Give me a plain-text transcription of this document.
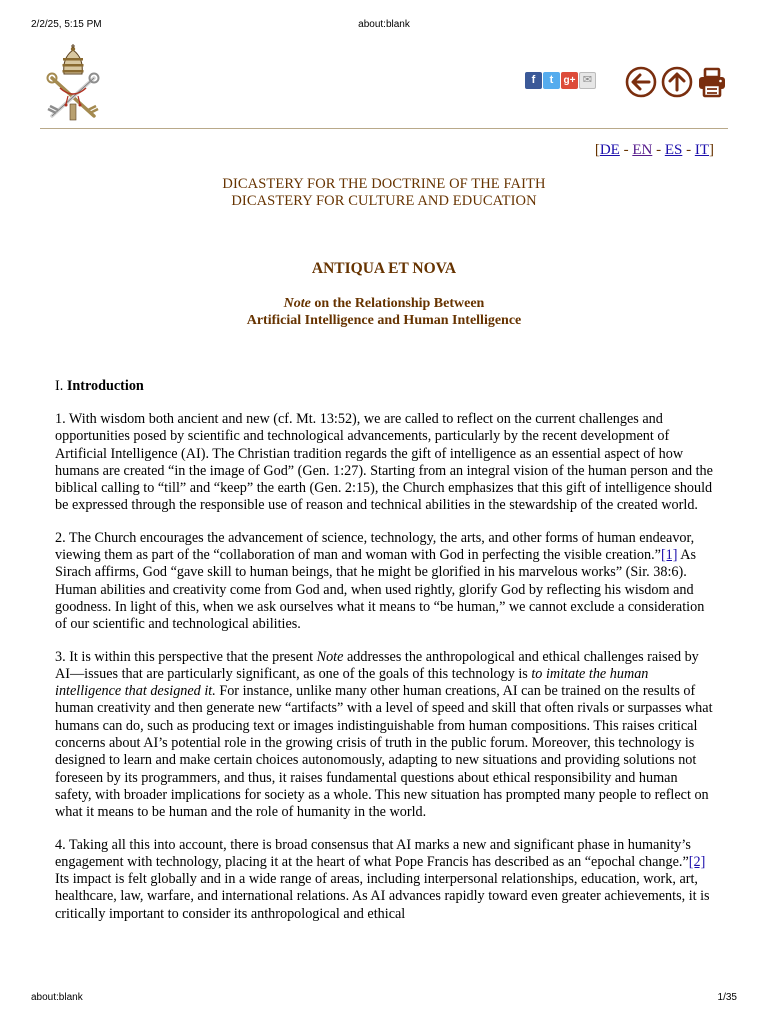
2/2/25, 5:15 PM	about:blank
f	t	g+ ✉
[DE - EN - ES - IT]
DICASTERY FOR THE DOCTRINE OF THE FAITH
DICASTERY FOR CULTURE AND EDUCATION
ANTIQUA ET NOVA
Note on the Relationship Between
Artificial Intelligence and Human Intelligence
I. Introduction

1. With wisdom both ancient and new (cf. Mt. 13:52), we are called to reflect on the current challenges and opportunities posed by scientific and technological advancements, particularly by the recent development of Artificial Intelligence (AI). The Christian tradition regards the gift of intelligence as an essential aspect of how humans are created “in the image of God” (Gen. 1:27). Starting from an integral vision of the human person and the biblical calling to “till” and “keep” the earth (Gen. 2:15), the Church emphasizes that this gift of intelligence should be expressed through the responsible use of reason and technical abilities in the stewardship of the created world.

2. The Church encourages the advancement of science, technology, the arts, and other forms of human endeavor, viewing them as part of the “collaboration of man and woman with God in perfecting the visible creation.”[1] As Sirach affirms, God “gave skill to human beings, that he might be glorified in his marvelous works” (Sir. 38:6). Human abilities and creativity come from God and, when used rightly, glorify God by reflecting his wisdom and goodness. In light of this, when we ask ourselves what it means to “be human,” we cannot exclude a consideration of our scientific and technological abilities.

3. It is within this perspective that the present Note addresses the anthropological and ethical challenges raised by AI—issues that are particularly significant, as one of the goals of this technology is to imitate the human intelligence that designed it. For instance, unlike many other human creations, AI can be trained on the results of human creativity and then generate new “artifacts” with a level of speed and skill that often rivals or surpasses what humans can do, such as producing text or images indistinguishable from human compositions. This raises critical concerns about AI’s potential role in the growing crisis of truth in the public forum. Moreover, this technology is designed to learn and make certain choices autonomously, adapting to new situations and providing solutions not foreseen by its programmers, and thus, it raises fundamental questions about ethical responsibility and human safety, with broader implications for society as a whole. This new situation has prompted many people to reflect on what it means to be human and the role of humanity in the world.

4. Taking all this into account, there is broad consensus that AI marks a new and significant phase in humanity’s engagement with technology, placing it at the heart of what Pope Francis has described as an “epochal change.”[2] Its impact is felt globally and in a wide range of areas, including interpersonal relationships, education, work, art, healthcare, law, warfare, and international relations. As AI advances rapidly toward even greater achievements, it is critically important to consider its anthropological and ethical

about:blank	1/35
